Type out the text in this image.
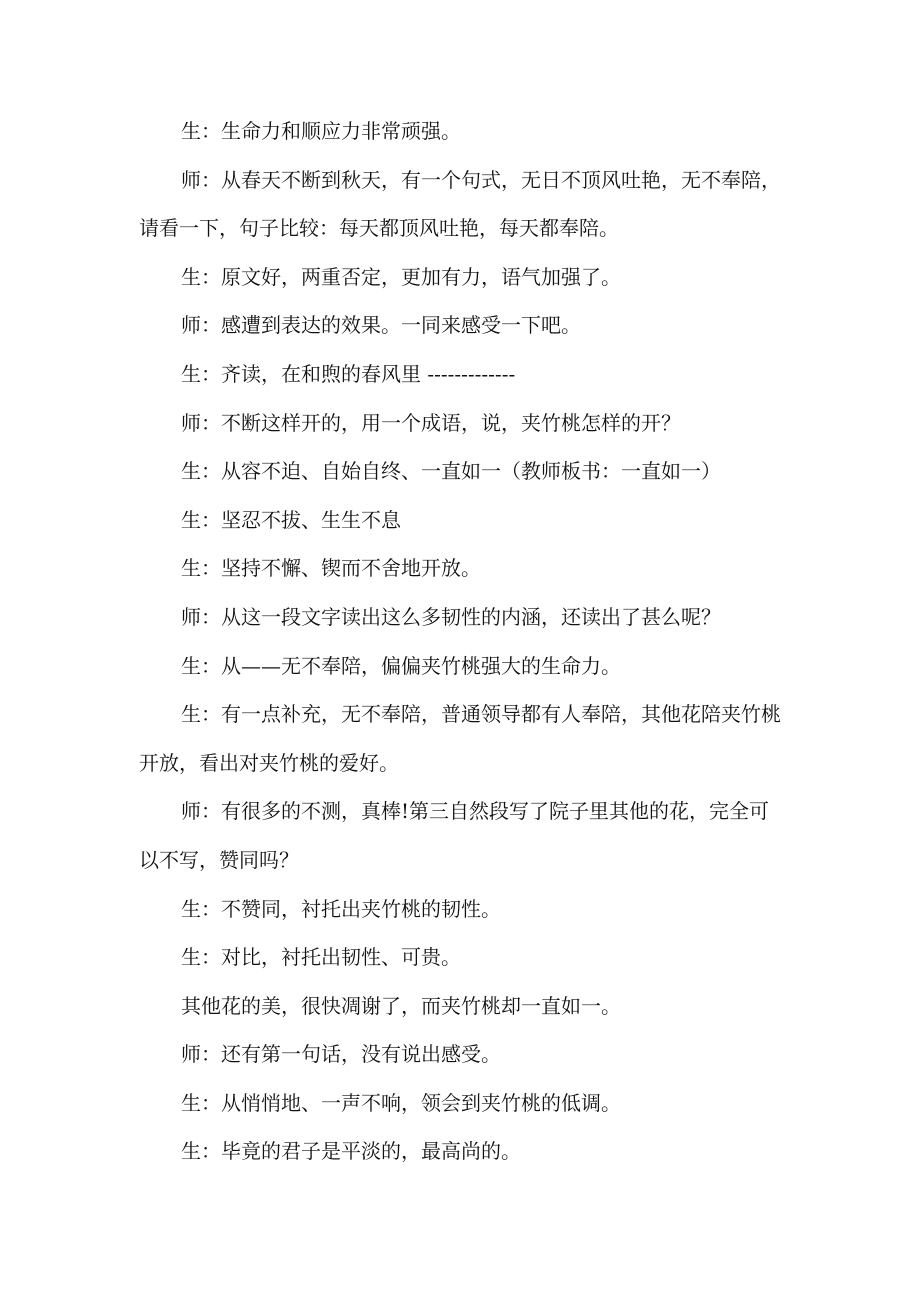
生：生命力和顺应力非常顽强。

师：从春天不断到秋天，有一个句式，无日不顶风吐艳，无不奉陪，请看一下，句子比较：每天都顶风吐艳，每天都奉陪。

生：原文好，两重否定，更加有力，语气加强了。

师：感遭到表达的效果。一同来感受一下吧。

生：齐读，在和煦的春风里 -------------

师：不断这样开的，用一个成语，说，夹竹桃怎样的开？

生：从容不迫、自始自终、一直如一（教师板书：一直如一）

生：坚忍不拔、生生不息

生：坚持不懈、锲而不舍地开放。

师：从这一段文字读出这么多韧性的内涵，还读出了甚么呢？

生：从——无不奉陪，偏偏夹竹桃强大的生命力。

生：有一点补充，无不奉陪，普通领导都有人奉陪，其他花陪夹竹桃开放，看出对夹竹桃的爱好。

师：有很多的不测，真棒!第三自然段写了院子里其他的花，完全可以不写，赞同吗？

生：不赞同，衬托出夹竹桃的韧性。

生：对比，衬托出韧性、可贵。

其他花的美，很快凋谢了，而夹竹桃却一直如一。

师：还有第一句话，没有说出感受。

生：从悄悄地、一声不响，领会到夹竹桃的低调。

生：毕竟的君子是平淡的，最高尚的。
